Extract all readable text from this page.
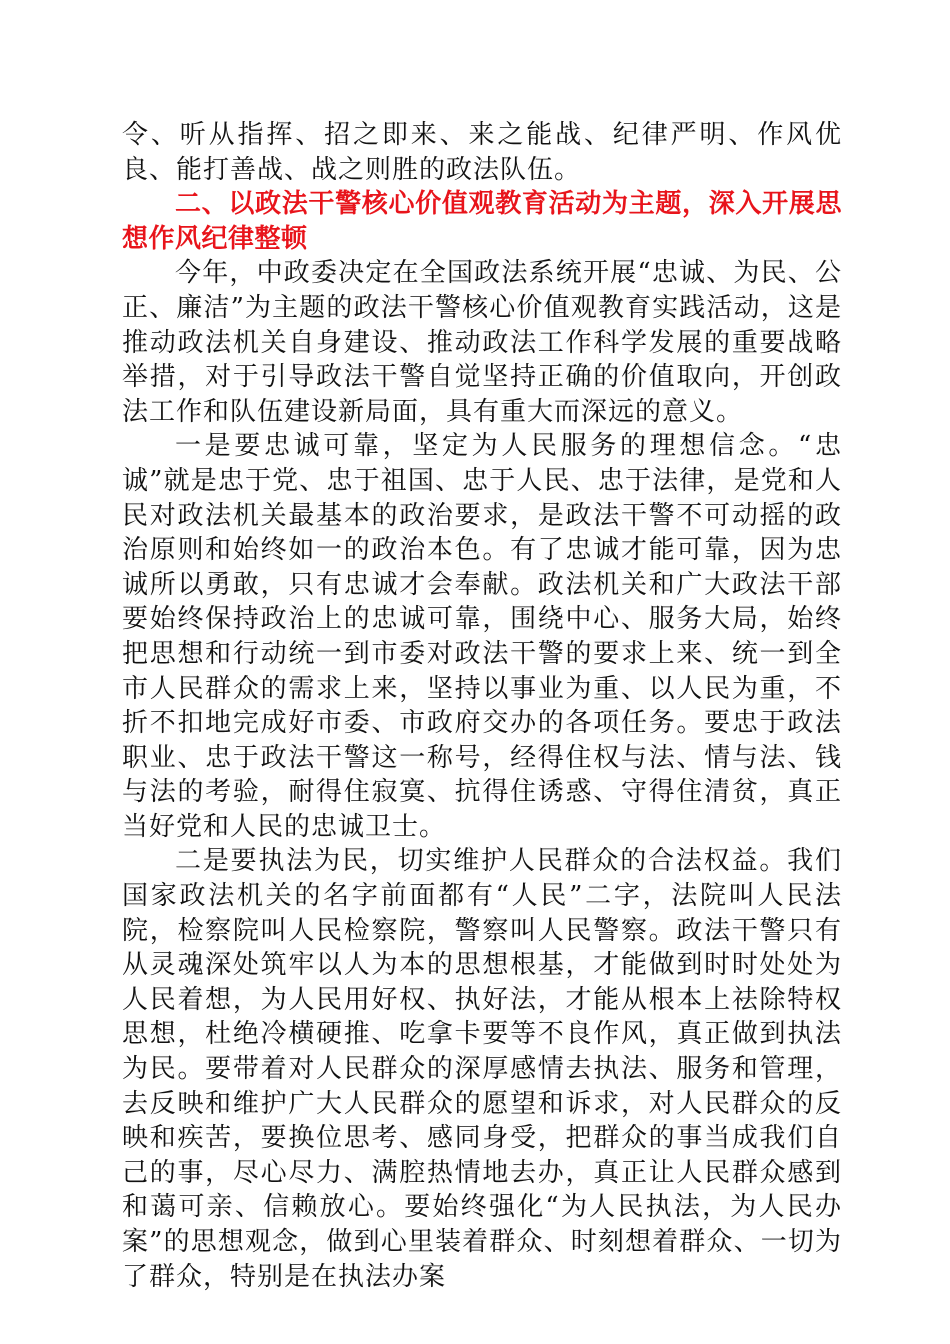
令、听从指挥、招之即来、来之能战、纪律严明、作风优良、能打善战、战之则胜的政法队伍。

二、以政法干警核心价值观教育活动为主题，深入开展思想作风纪律整顿

今年，中政委决定在全国政法系统开展“忠诚、为民、公正、廉洁”为主题的政法干警核心价值观教育实践活动，这是推动政法机关自身建设、推动政法工作科学发展的重要战略举措，对于引导政法干警自觉坚持正确的价值取向，开创政法工作和队伍建设新局面，具有重大而深远的意义。

一是要忠诚可靠，坚定为人民服务的理想信念。“忠诚”就是忠于党、忠于祖国、忠于人民、忠于法律，是党和人民对政法机关最基本的政治要求，是政法干警不可动摇的政治原则和始终如一的政治本色。有了忠诚才能可靠，因为忠诚所以勇敢，只有忠诚才会奉献。政法机关和广大政法干部要始终保持政治上的忠诚可靠，围绕中心、服务大局，始终把思想和行动统一到市委对政法干警的要求上来、统一到全市人民群众的需求上来，坚持以事业为重、以人民为重，不折不扣地完成好市委、市政府交办的各项任务。要忠于政法职业、忠于政法干警这一称号，经得住权与法、情与法、钱与法的考验，耐得住寂寞、抗得住诱惑、守得住清贫，真正当好党和人民的忠诚卫士。

二是要执法为民，切实维护人民群众的合法权益。我们国家政法机关的名字前面都有“人民”二字，法院叫人民法院，检察院叫人民检察院，警察叫人民警察。政法干警只有从灵魂深处筑牢以人为本的思想根基，才能做到时时处处为人民着想，为人民用好权、执好法，才能从根本上祛除特权思想，杜绝冷横硬推、吃拿卡要等不良作风，真正做到执法为民。要带着对人民群众的深厚感情去执法、服务和管理，去反映和维护广大人民群众的愿望和诉求，对人民群众的反映和疾苦，要换位思考、感同身受，把群众的事当成我们自己的事，尽心尽力、满腔热情地去办，真正让人民群众感到和蔼可亲、信赖放心。要始终强化“为人民执法，为人民办案”的思想观念，做到心里装着群众、时刻想着群众、一切为了群众，特别是在执法办案
